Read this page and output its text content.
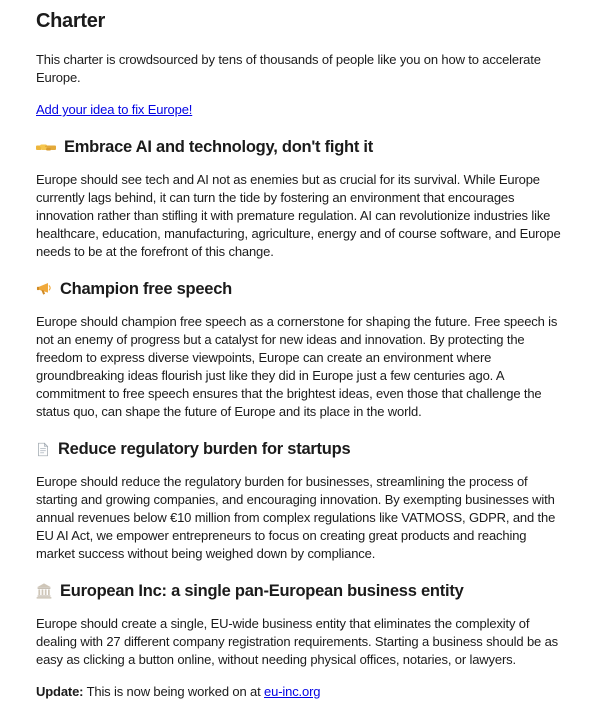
Charter

This charter is crowdsourced by tens of thousands of people like you on how to accelerate Europe.

Add your idea to fix Europe!

Embrace AI and technology, don't fight it

Europe should see tech and AI not as enemies but as crucial for its survival. While Europe currently lags behind, it can turn the tide by fostering an environment that encourages innovation rather than stifling it with premature regulation. AI can revolutionize industries like healthcare, education, manufacturing, agriculture, energy and of course software, and Europe needs to be at the forefront of this change.

Champion free speech

Europe should champion free speech as a cornerstone for shaping the future. Free speech is not an enemy of progress but a catalyst for new ideas and innovation. By protecting the freedom to express diverse viewpoints, Europe can create an environment where groundbreaking ideas flourish just like they did in Europe just a few centuries ago. A commitment to free speech ensures that the brightest ideas, even those that challenge the status quo, can shape the future of Europe and its place in the world.

Reduce regulatory burden for startups

Europe should reduce the regulatory burden for businesses, streamlining the process of starting and growing companies, and encouraging innovation. By exempting businesses with annual revenues below €10 million from complex regulations like VATMOSS, GDPR, and the EU AI Act, we empower entrepreneurs to focus on creating great products and reaching market success without being weighed down by compliance.

European Inc: a single pan-European business entity

Europe should create a single, EU-wide business entity that eliminates the complexity of dealing with 27 different company registration requirements. Starting a business should be as easy as clicking a button online, without needing physical offices, notaries, or lawyers.

Update: This is now being worked on at eu-inc.org
